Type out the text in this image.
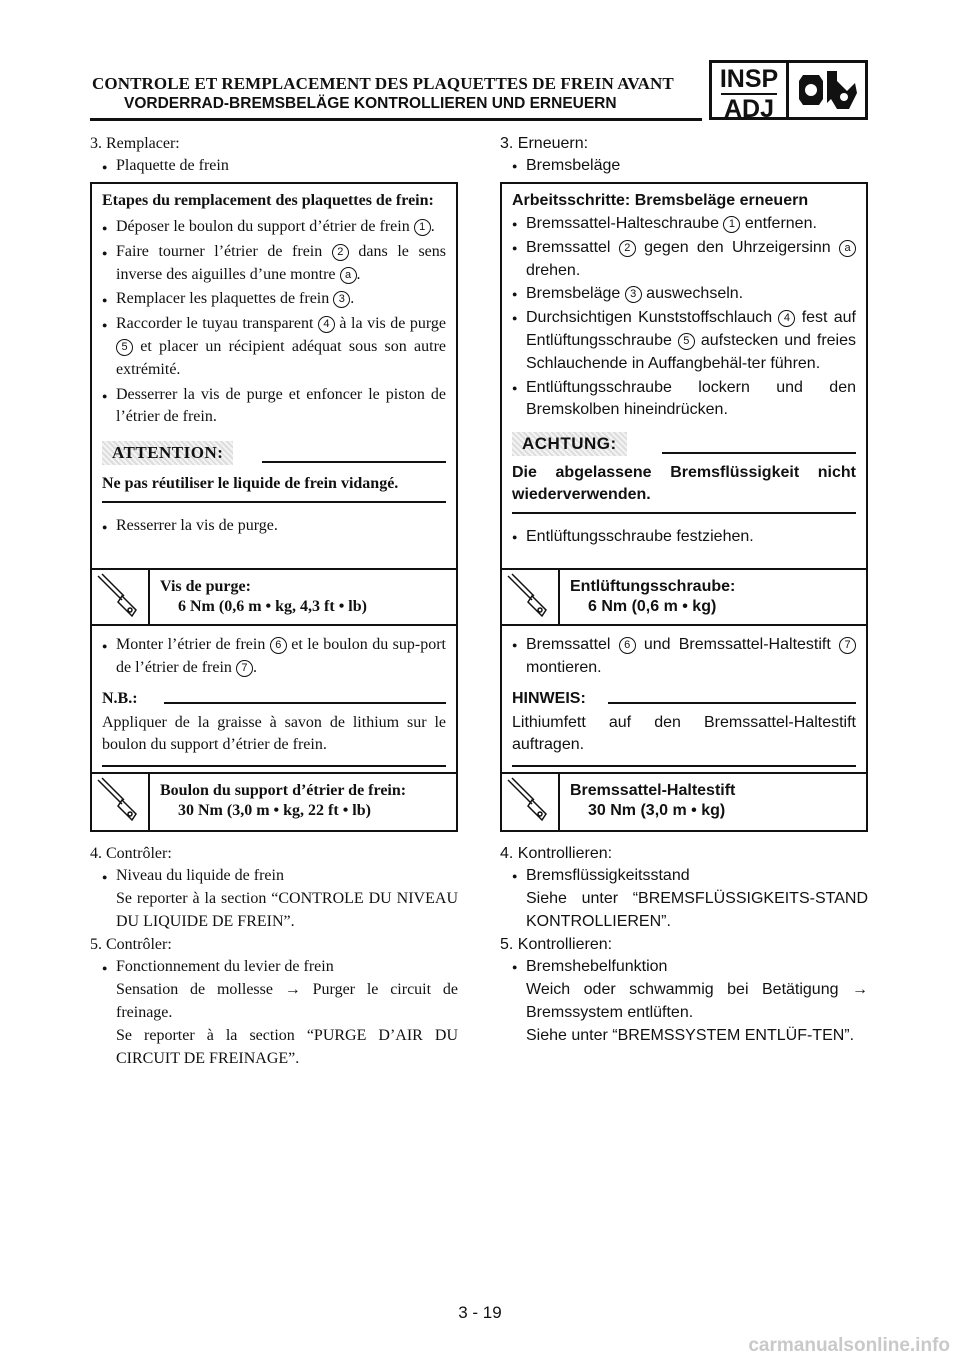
CONTROLE ET REMPLACEMENT DES PLAQUETTES DE FREIN AVANT
VORDERRAD-BREMSBELÄGE KONTROLLIEREN UND ERNEUERN
INSP
ADJ
3. Remplacer:
● Plaquette de frein
Etapes du remplacement des plaquettes de frein:
● Déposer le boulon du support d’étrier de frein 1 .
● Faire tourner l’étrier de frein 2 dans le sens inverse des aiguilles d’une montre a .
● Remplacer les plaquettes de frein 3 .
● Raccorder le tuyau transparent 4 à la vis de purge 5 et placer un récipient adéquat sous son autre extrémité.
● Desserrer la vis de purge et enfoncer le piston de l’étrier de frein.
ATTENTION:
Ne pas réutiliser le liquide de frein vidangé.
● Resserrer la vis de purge.
Vis de purge:
6 Nm (0,6 m • kg, 4,3 ft • lb)
● Monter l’étrier de frein 6 et le boulon du sup-port de l’étrier de frein 7 .
N.B.:
Appliquer de la graisse à savon de lithium sur le boulon du support d’étrier de frein.
Boulon du support d’étrier de frein:
30 Nm (3,0 m • kg, 22 ft • lb)
4. Contrôler:
● Niveau du liquide de frein
Se reporter à la section “CONTROLE DU NIVEAU DU LIQUIDE DE FREIN”.
5. Contrôler:
● Fonctionnement du levier de frein
Sensation de mollesse → Purger le circuit de freinage.
Se reporter à la section “PURGE D’AIR DU CIRCUIT DE FREINAGE”.
3. Erneuern:
● Bremsbeläge
Arbeitsschritte: Bremsbeläge erneuern
● Bremssattel-Halteschraube 1 entfernen.
● Bremssattel 2 gegen den Uhrzeigersinn a drehen.
● Bremsbeläge 3 auswechseln.
● Durchsichtigen Kunststoffschlauch 4 fest auf Entlüftungsschraube 5 aufstecken und freies Schlauchende in Auffangbehäl-ter führen.
● Entlüftungsschraube lockern und den Bremskolben hineindrücken.
ACHTUNG:
Die abgelassene Bremsflüssigkeit nicht wiederverwenden.
● Entlüftungsschraube festziehen.
Entlüftungsschraube:
6 Nm (0,6 m • kg)
● Bremssattel 6 und Bremssattel-Haltestift 7 montieren.
HINWEIS:
Lithiumfett auf den Bremssattel-Haltestift auftragen.
Bremssattel-Haltestift
30 Nm (3,0 m • kg)
4. Kontrollieren:
● Bremsflüssigkeitsstand
Siehe unter “BREMSFLÜSSIGKEITS-STAND KONTROLLIEREN”.
5. Kontrollieren:
● Bremshebelfunktion
Weich oder schwammig bei Betätigung → Bremssystem entlüften.
Siehe unter “BREMSSYSTEM ENTLÜF-TEN”.
3 - 19
carmanualsonline.info
